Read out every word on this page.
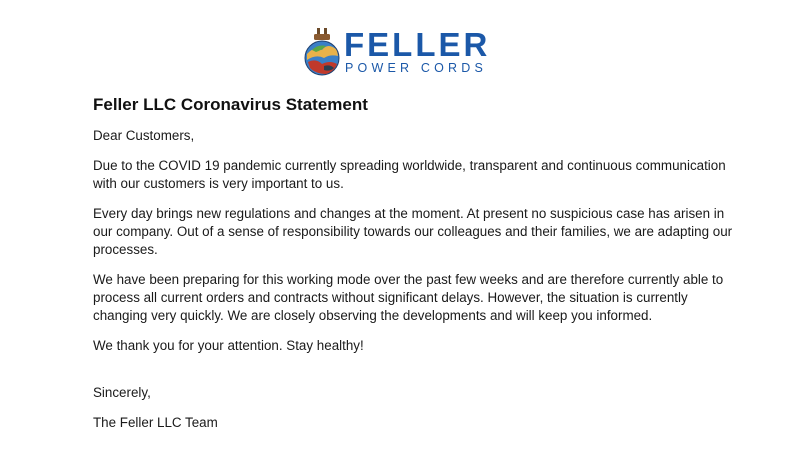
FELLER
POWER CORDS
Feller LLC Coronavirus Statement

Dear Customers,

Due to the COVID 19 pandemic currently spreading worldwide, transparent and continuous communication with our customers is very important to us.

Every day brings new regulations and changes at the moment. At present no suspicious case has arisen in our company. Out of a sense of responsibility towards our colleagues and their families, we are adapting our processes.

We have been preparing for this working mode over the past few weeks and are therefore currently able to process all current orders and contracts without significant delays. However, the situation is currently changing very quickly. We are closely observing the developments and will keep you informed.

We thank you for your attention. Stay healthy!

Sincerely,

The Feller LLC Team
